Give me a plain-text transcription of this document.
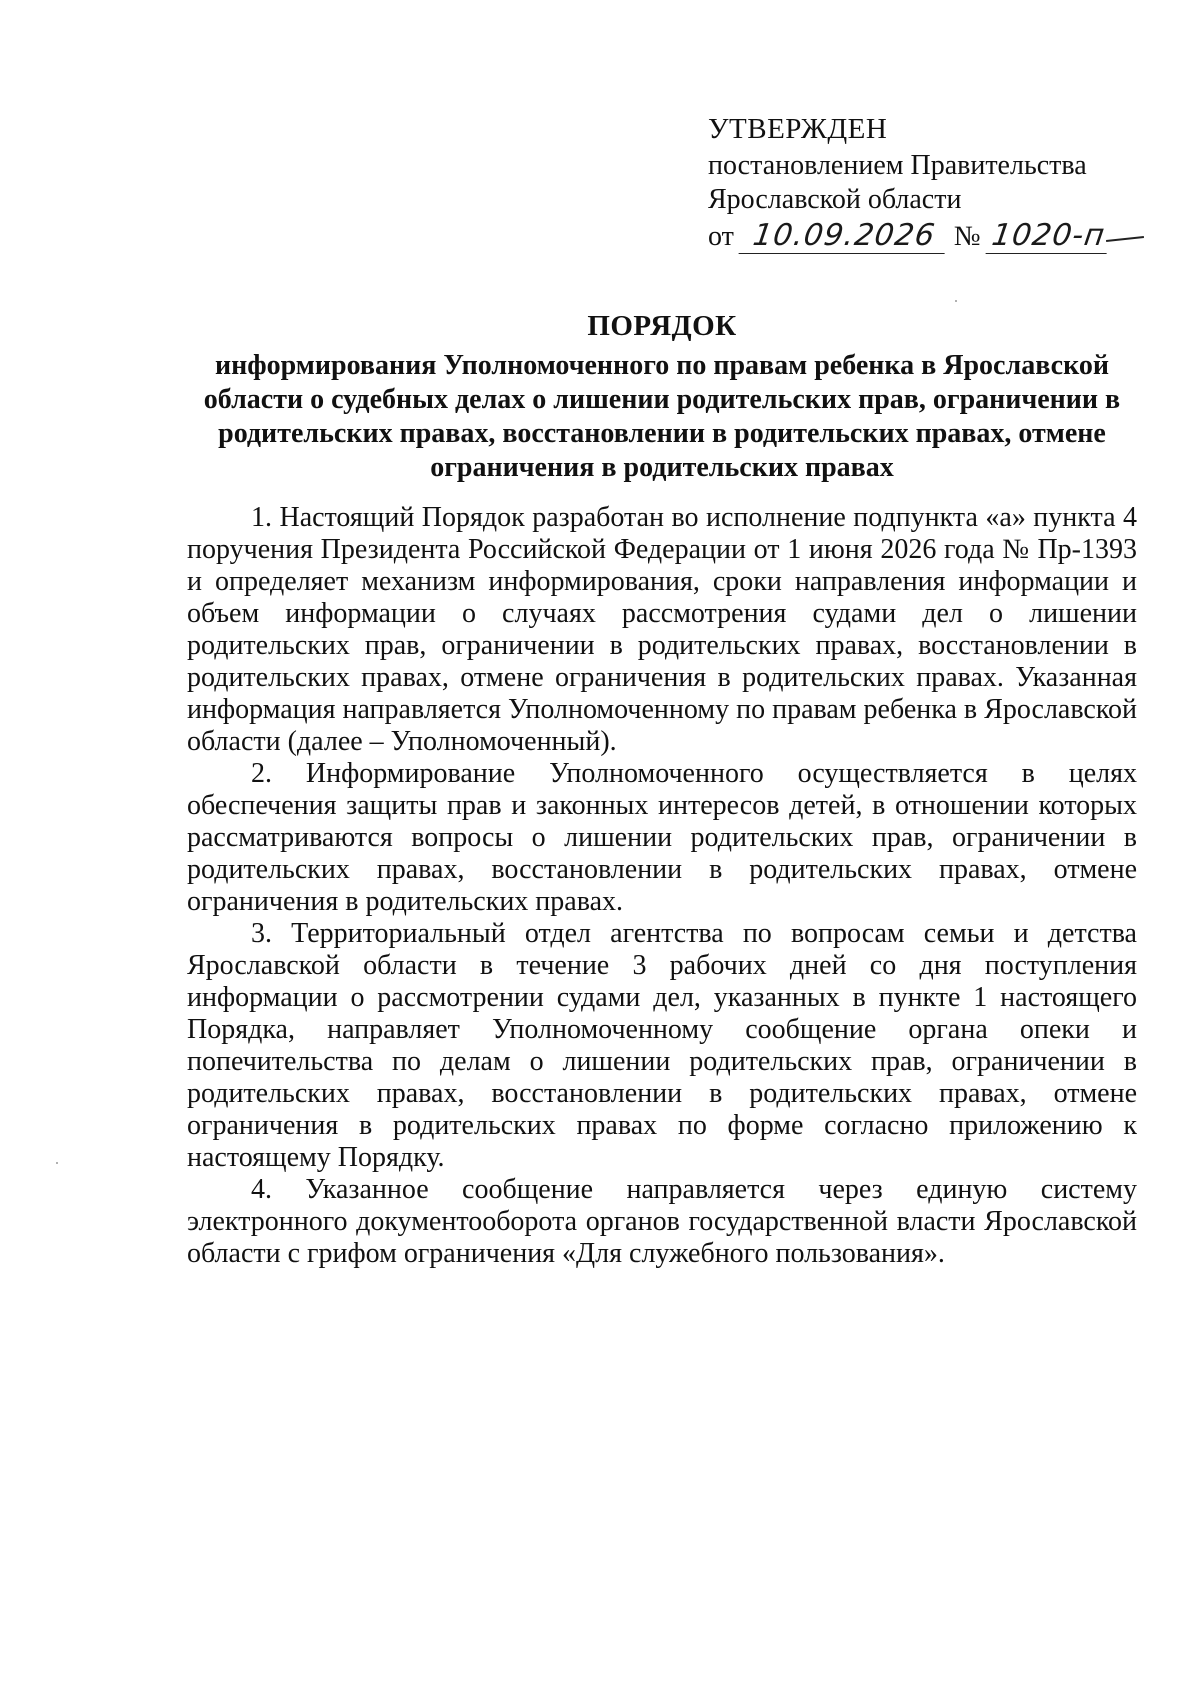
УТВЕРЖДЕН
постановлением Правительства
Ярославской области
от 10.09.2026 № 1020-п
ПОРЯДОК
информирования Уполномоченного по правам ребенка в Ярославской области о судебных делах о лишении родительских прав, ограничении в родительских правах, восстановлении в родительских правах, отмене ограничения в родительских правах

1. Настоящий Порядок разработан во исполнение подпункта «а» пункта 4 поручения Президента Российской Федерации от 1 июня 2026 года № Пр-1393 и определяет механизм информирования, сроки направления информации и объем информации о случаях рассмотрения судами дел о лишении родительских прав, ограничении в родительских правах, восстановлении в родительских правах, отмене ограничения в родительских правах. Указанная информация направляется Уполномоченному по правам ребенка в Ярославской области (далее – Уполномоченный).

2. Информирование Уполномоченного осуществляется в целях обеспечения защиты прав и законных интересов детей, в отношении которых рассматриваются вопросы о лишении родительских прав, ограничении в родительских правах, восстановлении в родительских правах, отмене ограничения в родительских правах.

3. Территориальный отдел агентства по вопросам семьи и детства Ярославской области в течение 3 рабочих дней со дня поступления информации о рассмотрении судами дел, указанных в пункте 1 настоящего Порядка, направляет Уполномоченному сообщение органа опеки и попечительства по делам о лишении родительских прав, ограничении в родительских правах, восстановлении в родительских правах, отмене ограничения в родительских правах по форме согласно приложению к настоящему Порядку.

4. Указанное сообщение направляется через единую систему электронного документооборота органов государственной власти Ярославской области с грифом ограничения «Для служебного пользования».
